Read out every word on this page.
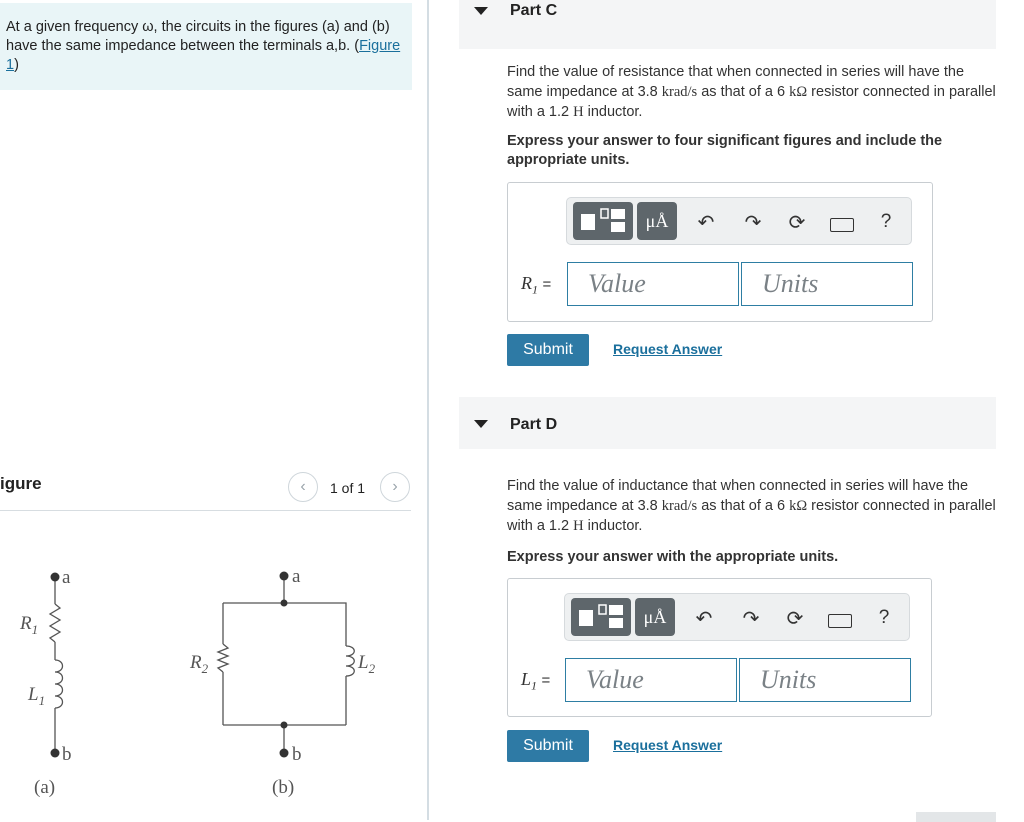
At a given frequency ω, the circuits in the figures (a) and (b) have the same impedance between the terminals a,b. (Figure 1)
igure	‹	1 of 1	›
a
b
$R_1$
$L_1$
(a)
a
b
$R_2$	$L_2$
(b)
Part C
Find the value of resistance that when connected in series will have the same impedance at 3.8 krad/s as that of a 6 kΩ resistor connected in parallel with a 1.2 H inductor.
Express your answer to four significant figures and include the appropriate units.
μÅ	↶ ↷ ⟳	?
$R_1$ =	Value	Units
Submit	Request Answer
Part D
Find the value of inductance that when connected in series will have the same impedance at 3.8 krad/s as that of a 6 kΩ resistor connected in parallel with a 1.2 H inductor.
Express your answer with the appropriate units.
μÅ	↶ ↷ ⟳	?
$L_1$ =	Value	Units
Submit	Request Answer
